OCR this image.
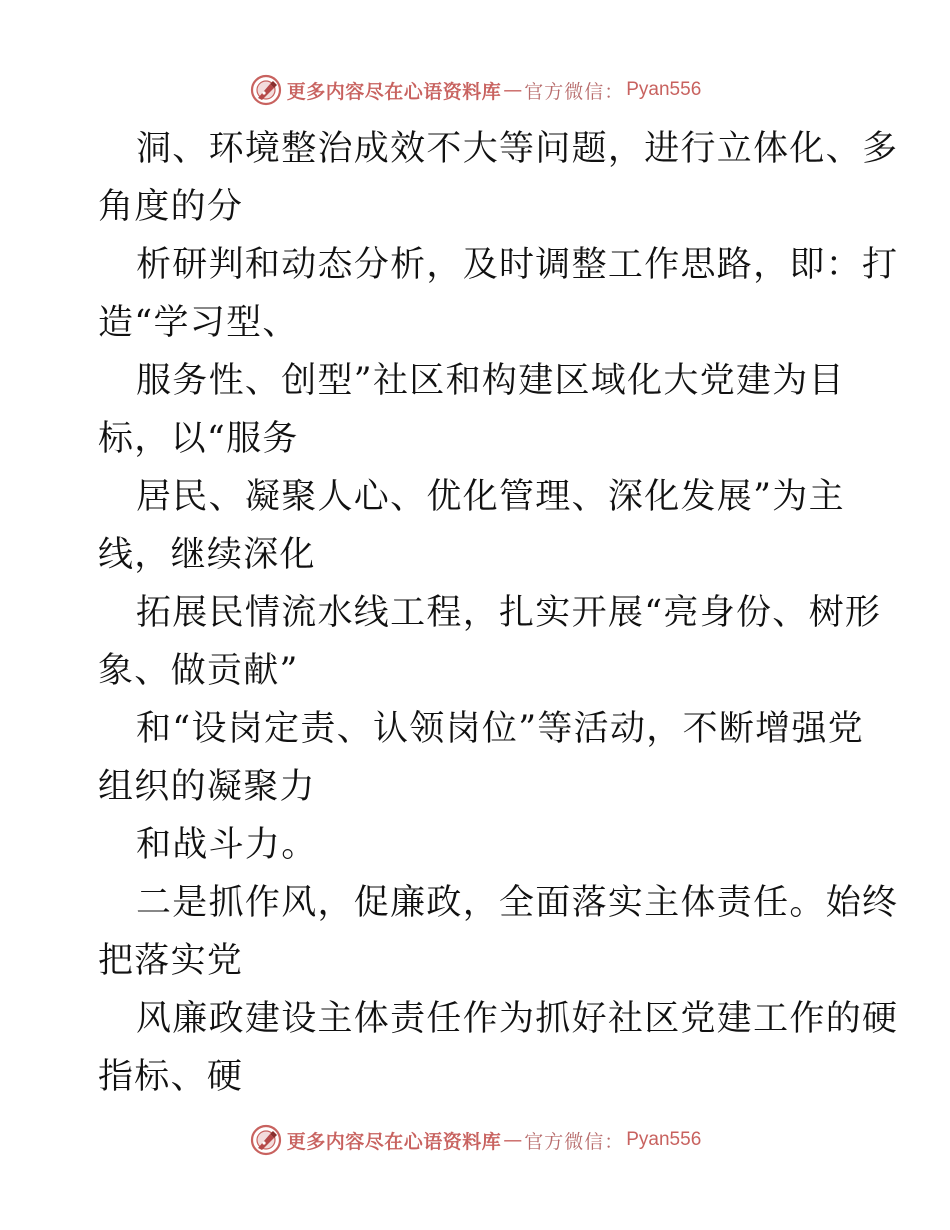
更多内容尽在心语资料库 — 官方微信： Pyan556
洞、环境整治成效不大等问题，进行立体化、多
角度的分
析研判和动态分析，及时调整工作思路，即：打
造“学习型、
服务性、创型”社区和构建区域化大党建为目
标，以“服务
居民、凝聚人心、优化管理、深化发展”为主
线，继续深化
拓展民情流水线工程，扎实开展“亮身份、树形
象、做贡献”
和“设岗定责、认领岗位”等活动，不断增强党
组织的凝聚力
和战斗力。
二是抓作风，促廉政，全面落实主体责任。始终
把落实党
风廉政建设主体责任作为抓好社区党建工作的硬
指标、硬
更多内容尽在心语资料库 — 官方微信： Pyan556
